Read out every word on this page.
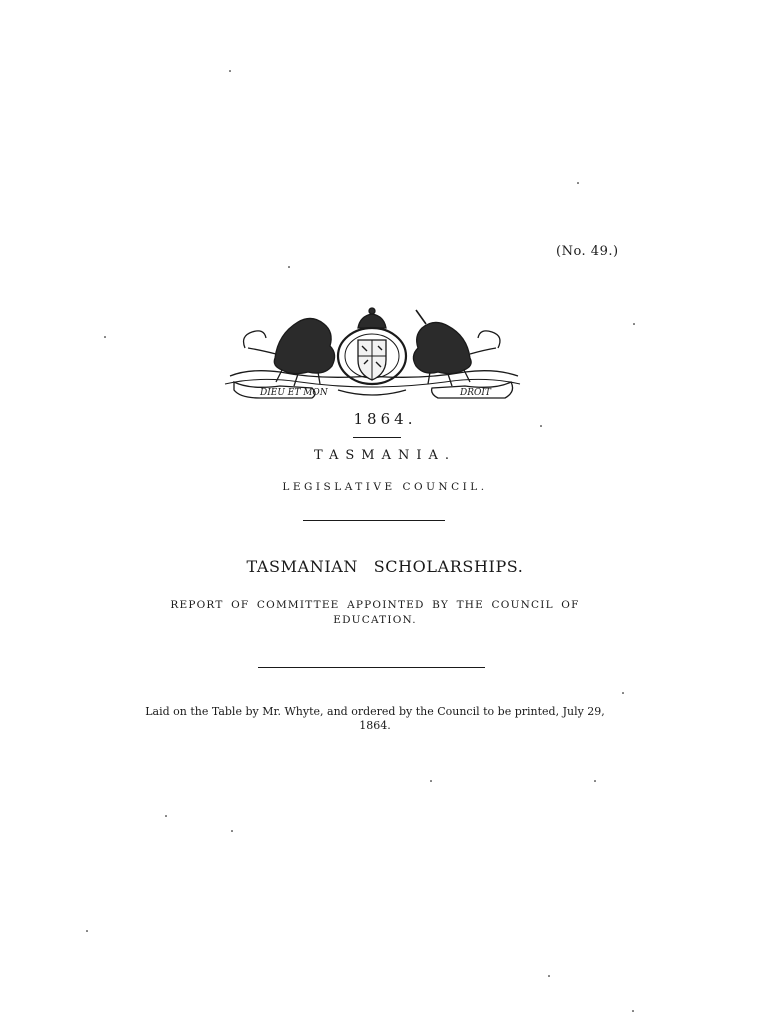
(No. 49.)
DIEU ET MON	DROIT
1864.
TASMANIA.
LEGISLATIVE COUNCIL.
TASMANIAN SCHOLARSHIPS.
REPORT OF COMMITTEE APPOINTED BY THE COUNCIL OF EDUCATION.
Laid on the Table by Mr. Whyte, and ordered by the Council to be printed, July 29, 1864.
